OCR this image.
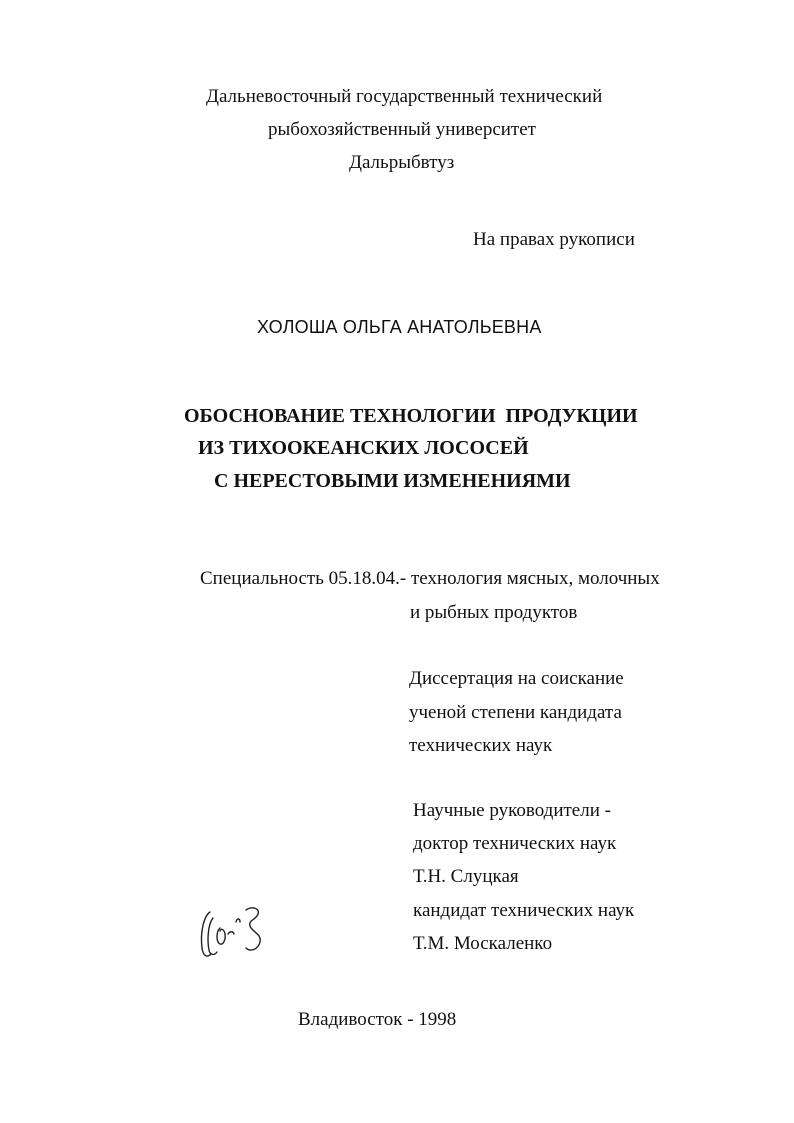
Дальневосточный государственный технический

рыбохозяйственный университет

Дальрыбвтуз

На правах рукописи

ХОЛОША ОЛЬГА АНАТОЛЬЕВНА

ОБОСНОВАНИЕ ТЕХНОЛОГИИ  ПРОДУКЦИИ

ИЗ ТИХООКЕАНСКИХ ЛОСОСЕЙ

С НЕРЕСТОВЫМИ ИЗМЕНЕНИЯМИ

Специальность 05.18.04.- технология мясных, молочных

и рыбных продуктов

Диссертация на соискание

ученой степени кандидата

технических наук

Научные руководители -

доктор технических наук

Т.Н. Слуцкая

кандидат технических наук

Т.М. Москаленко

Владивосток - 1998
